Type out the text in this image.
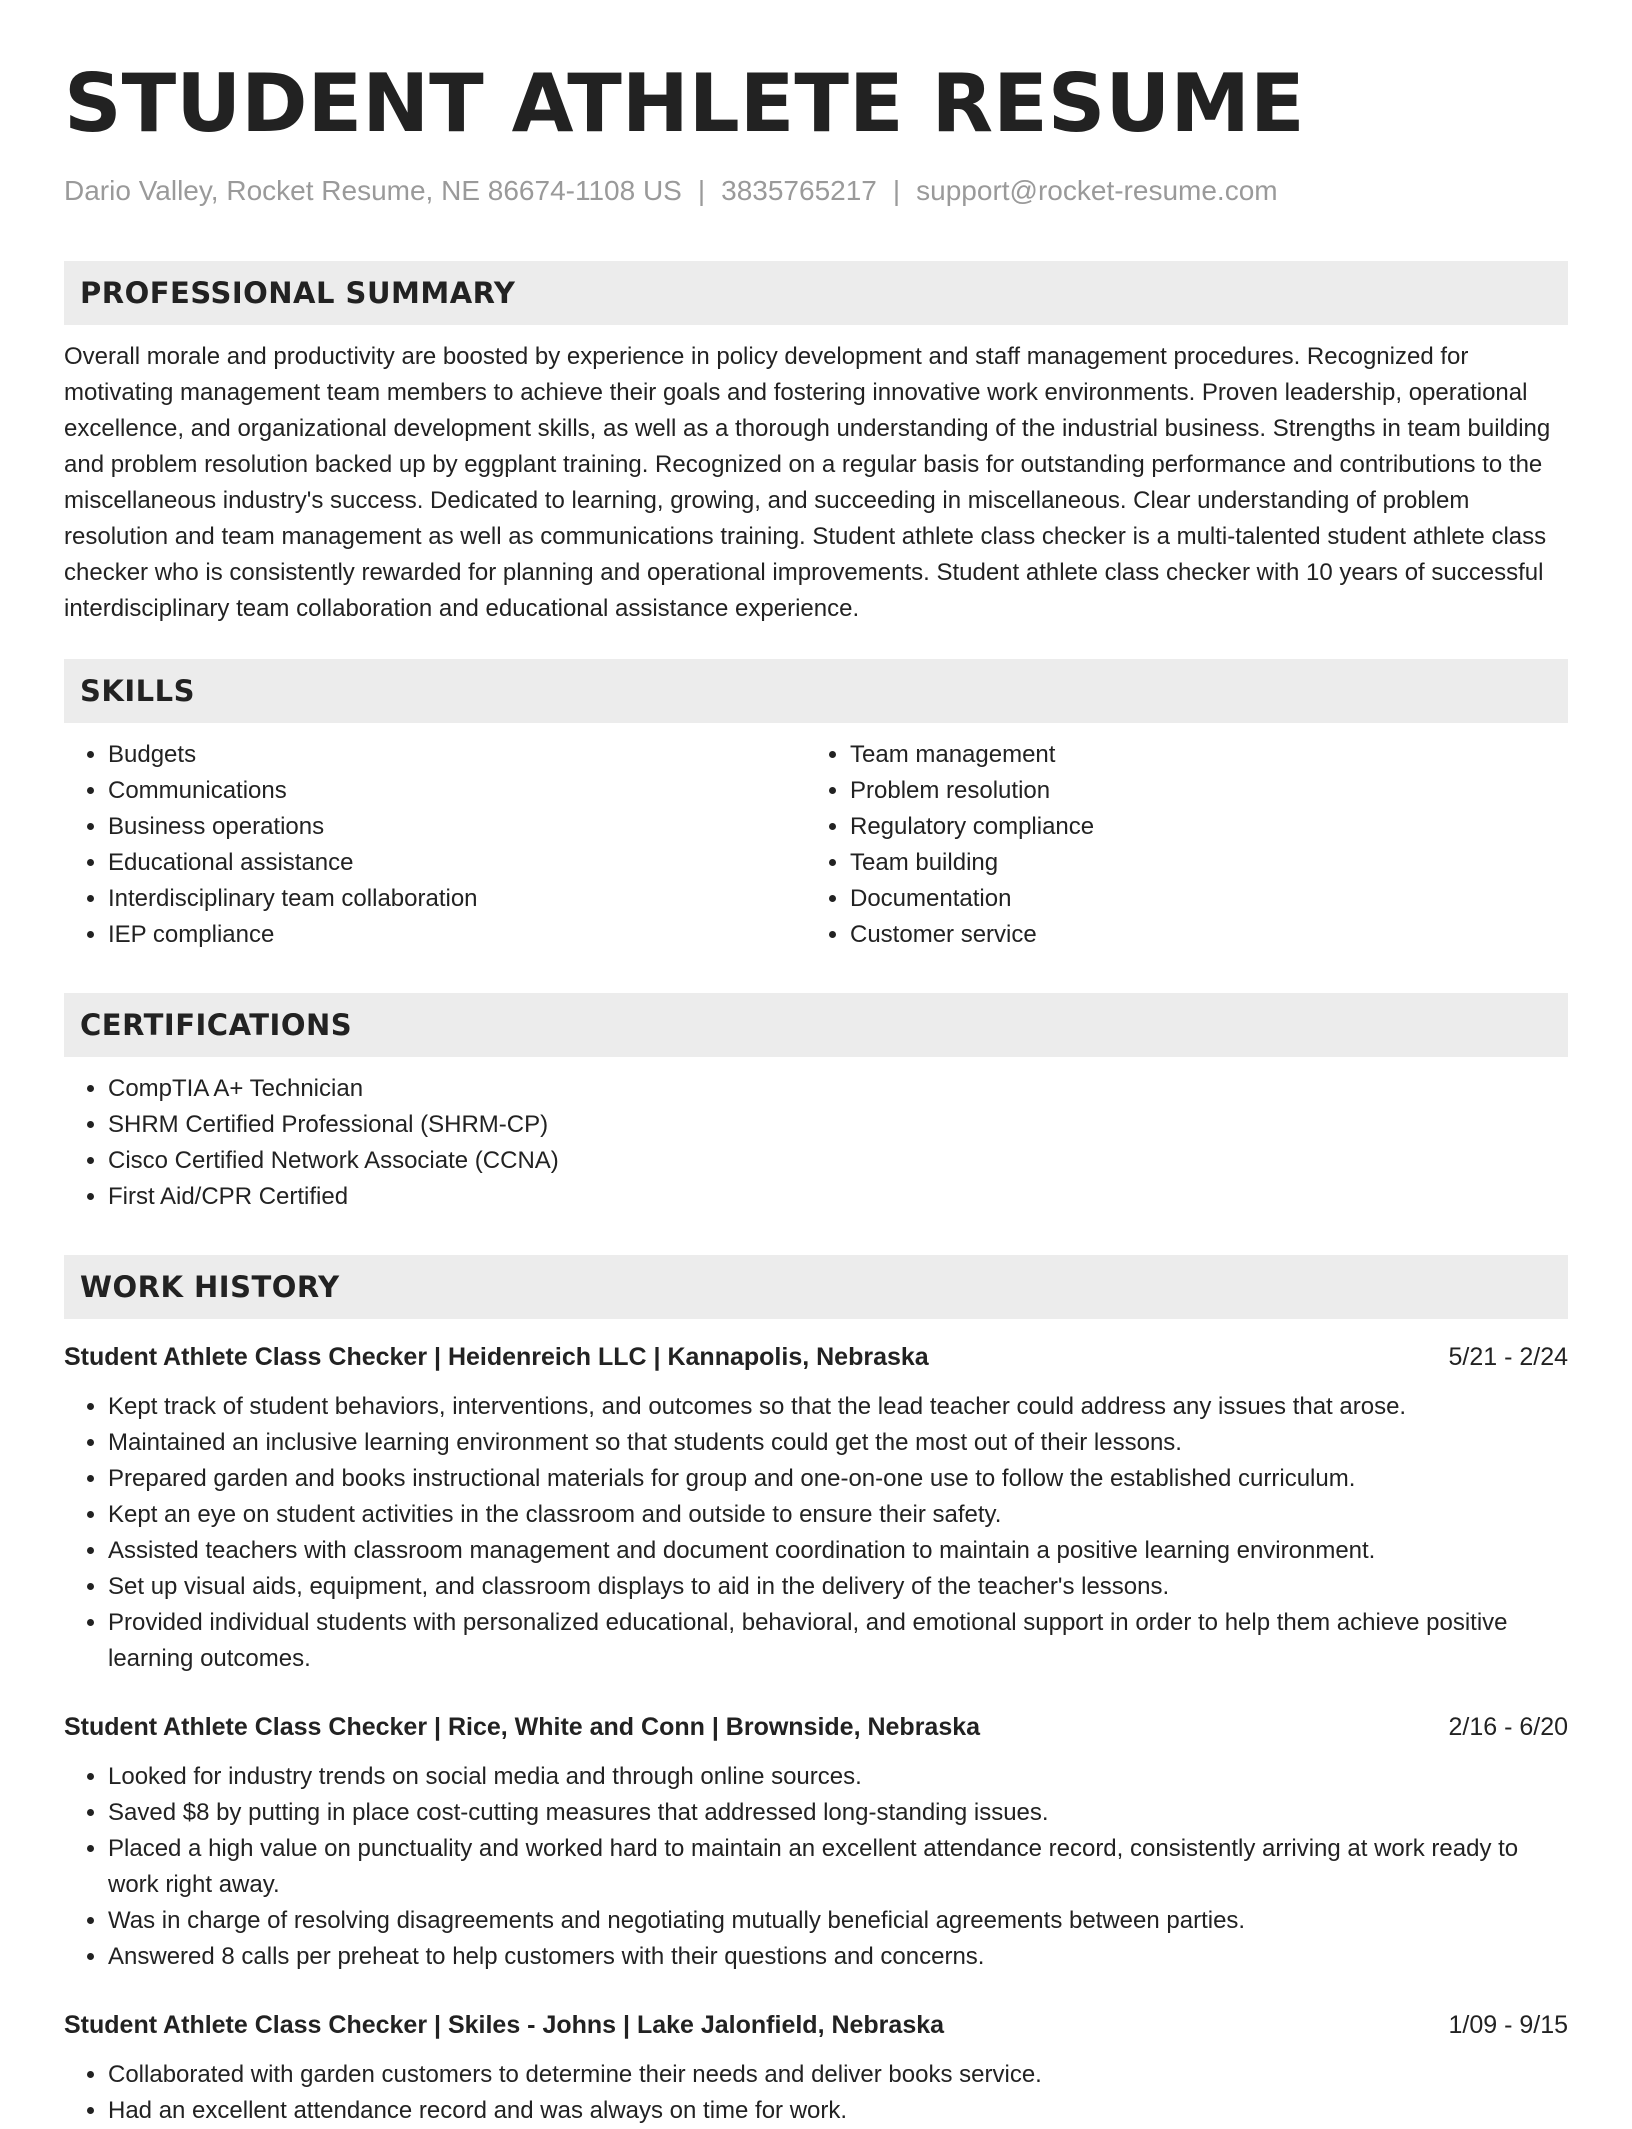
STUDENT ATHLETE RESUME
Dario Valley, Rocket Resume, NE 86674-1108 US | 3835765217 | support@rocket-resume.com
PROFESSIONAL SUMMARY

Overall morale and productivity are boosted by experience in policy development and staff management procedures. Recognized for motivating management team members to achieve their goals and fostering innovative work environments. Proven leadership, operational excellence, and organizational development skills, as well as a thorough understanding of the industrial business. Strengths in team building and problem resolution backed up by eggplant training. Recognized on a regular basis for outstanding performance and contributions to the miscellaneous industry's success. Dedicated to learning, growing, and succeeding in miscellaneous. Clear understanding of problem resolution and team management as well as communications training. Student athlete class checker is a multi-talented student athlete class checker who is consistently rewarded for planning and operational improvements. Student athlete class checker with 10 years of successful interdisciplinary team collaboration and educational assistance experience.

SKILLS
• Budgets
• Communications
• Business operations
• Educational assistance
• Interdisciplinary team collaboration
• IEP compliance
• Team management
• Problem resolution
• Regulatory compliance
• Team building
• Documentation
• Customer service
CERTIFICATIONS
• CompTIA A+ Technician
• SHRM Certified Professional (SHRM-CP)
• Cisco Certified Network Associate (CCNA)
• First Aid/CPR Certified
WORK HISTORY
Student Athlete Class Checker | Heidenreich LLC | Kannapolis, Nebraska	5/21 - 2/24
• Kept track of student behaviors, interventions, and outcomes so that the lead teacher could address any issues that arose.
• Maintained an inclusive learning environment so that students could get the most out of their lessons.
• Prepared garden and books instructional materials for group and one-on-one use to follow the established curriculum.
• Kept an eye on student activities in the classroom and outside to ensure their safety.
• Assisted teachers with classroom management and document coordination to maintain a positive learning environment.
• Set up visual aids, equipment, and classroom displays to aid in the delivery of the teacher's lessons.
• Provided individual students with personalized educational, behavioral, and emotional support in order to help them achieve positive learning outcomes.
Student Athlete Class Checker | Rice, White and Conn | Brownside, Nebraska	2/16 - 6/20
• Looked for industry trends on social media and through online sources.
• Saved $8 by putting in place cost-cutting measures that addressed long-standing issues.
• Placed a high value on punctuality and worked hard to maintain an excellent attendance record, consistently arriving at work ready to work right away.
• Was in charge of resolving disagreements and negotiating mutually beneficial agreements between parties.
• Answered 8 calls per preheat to help customers with their questions and concerns.
Student Athlete Class Checker | Skiles - Johns | Lake Jalonfield, Nebraska	1/09 - 9/15
• Collaborated with garden customers to determine their needs and deliver books service.
• Had an excellent attendance record and was always on time for work.
